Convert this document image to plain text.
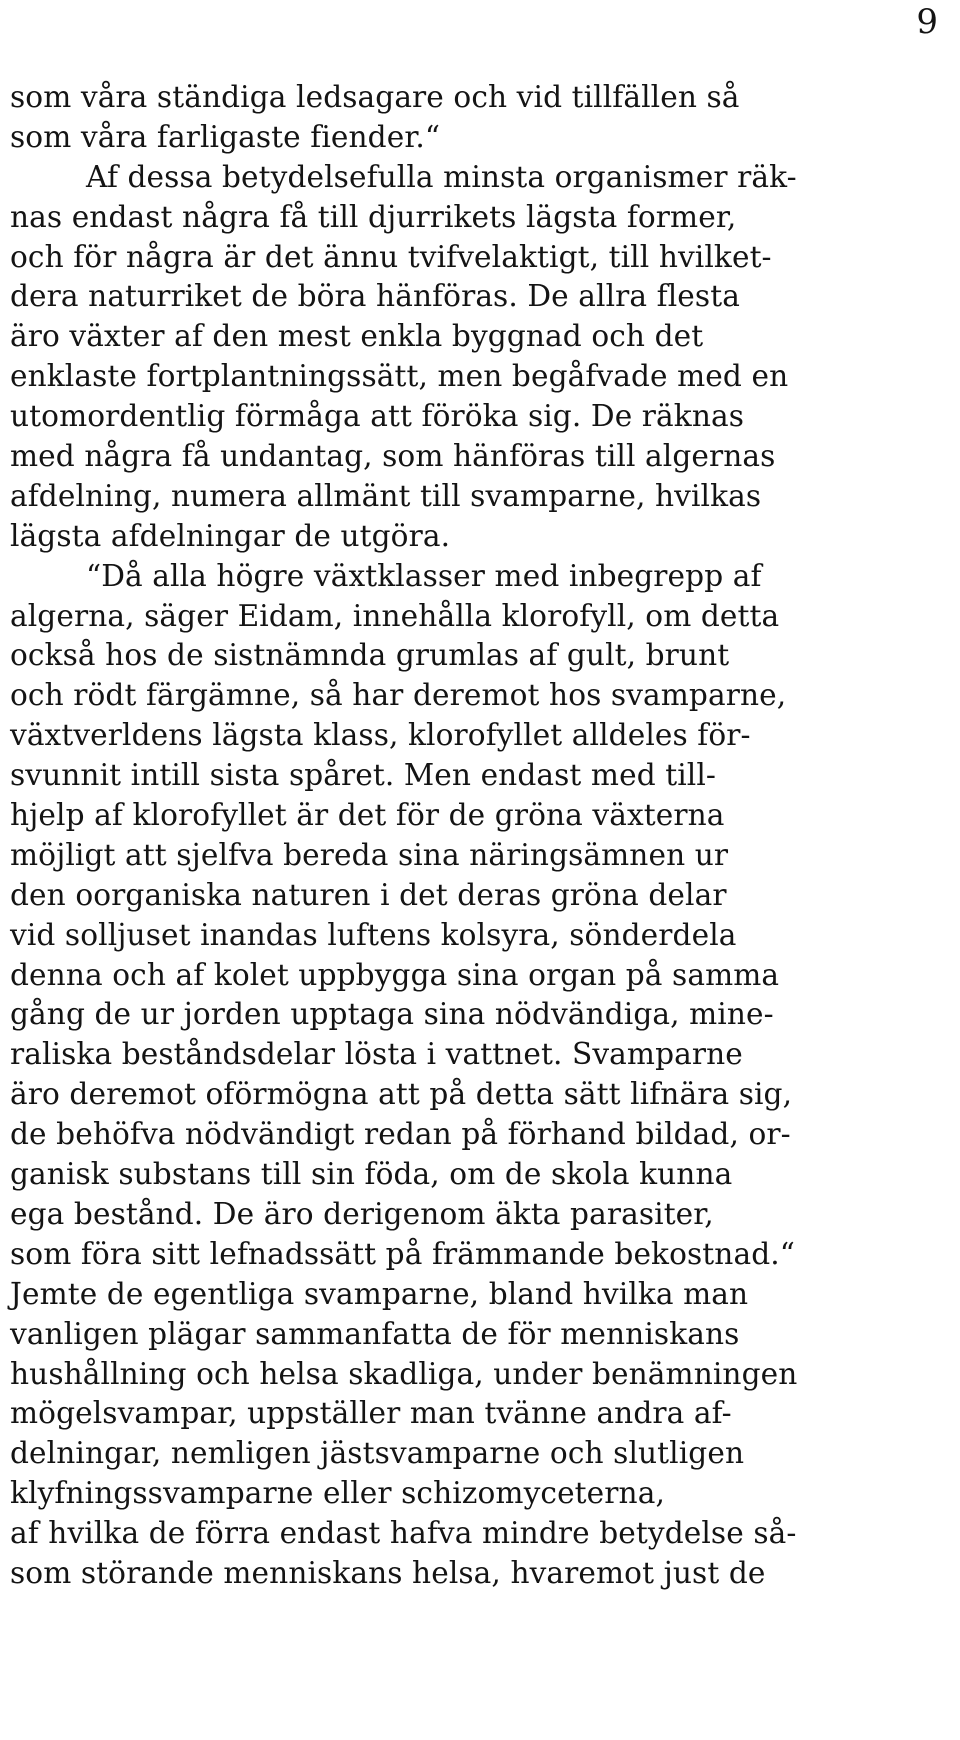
9
som våra ständiga ledsagare och vid tillfällen så
som våra farligaste fiender.“
Af dessa betydelsefulla minsta organismer räk-
nas endast några få till djurrikets lägsta former,
och för några är det ännu tvifvelaktigt, till hvilket-
dera naturriket de böra hänföras. De allra flesta
äro växter af den mest enkla byggnad och det
enklaste fortplantningssätt, men begåfvade med en
utomordentlig förmåga att föröka sig. De räknas
med några få undantag, som hänföras till algernas
afdelning, numera allmänt till svamparne, hvilkas
lägsta afdelningar de utgöra.
“Då alla högre växtklasser med inbegrepp af
algerna, säger Eidam, innehålla klorofyll, om detta
också hos de sistnämnda grumlas af gult, brunt
och rödt färgämne, så har deremot hos svamparne,
växtverldens lägsta klass, klorofyllet alldeles för-
svunnit intill sista spåret. Men endast med till-
hjelp af klorofyllet är det för de gröna växterna
möjligt att sjelfva bereda sina näringsämnen ur
den oorganiska naturen i det deras gröna delar
vid solljuset inandas luftens kolsyra, sönderdela
denna och af kolet uppbygga sina organ på samma
gång de ur jorden upptaga sina nödvändiga, mine-
raliska beståndsdelar lösta i vattnet. Svamparne
äro deremot oförmögna att på detta sätt lifnära sig,
de behöfva nödvändigt redan på förhand bildad, or-
ganisk substans till sin föda, om de skola kunna
ega bestånd. De äro derigenom äkta parasiter,
som föra sitt lefnadssätt på främmande bekostnad.“
Jemte de egentliga svamparne, bland hvilka man
vanligen plägar sammanfatta de för menniskans
hushållning och helsa skadliga, under benämningen
mögelsvampar, uppställer man tvänne andra af-
delningar, nemligen jästsvamparne och slutligen
klyfningssvamparne eller schizomyceterna,
af hvilka de förra endast hafva mindre betydelse så-
som störande menniskans helsa, hvaremot just de
